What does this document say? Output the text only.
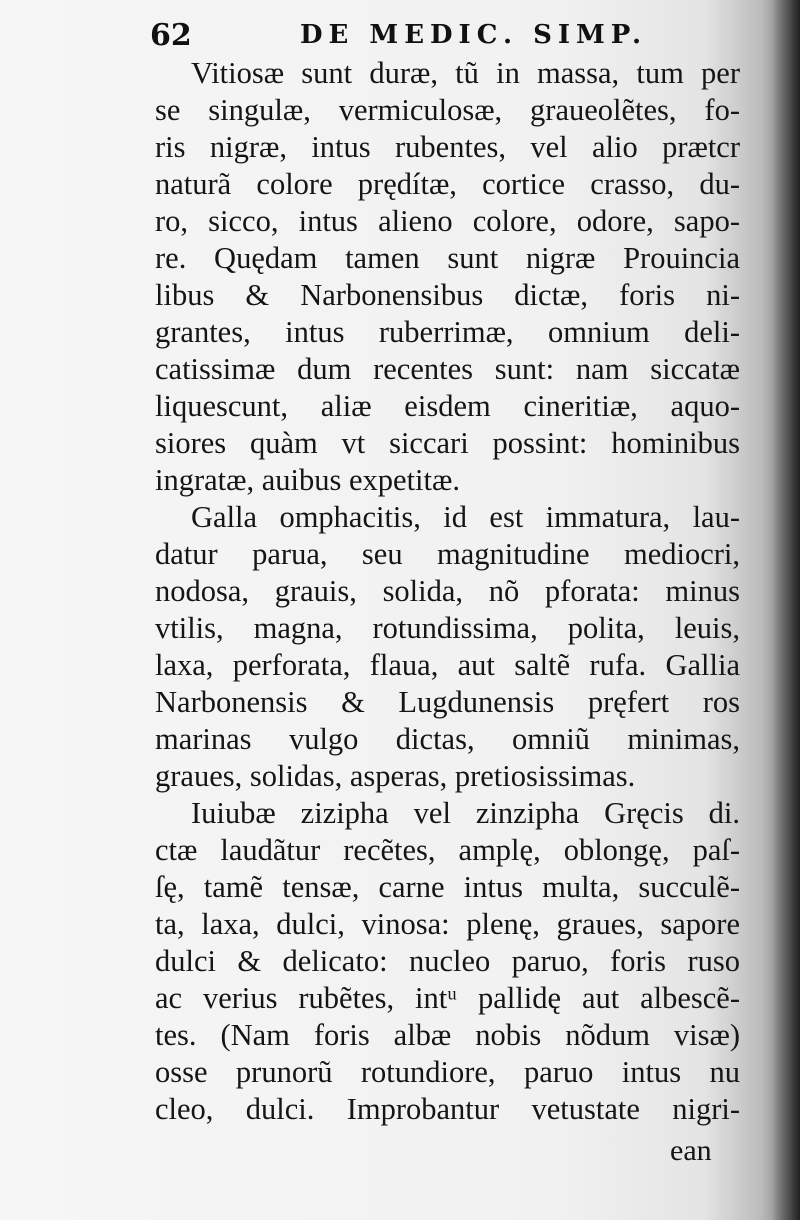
62	DE MEDIC. SIMP.
Vitiosæ sunt duræ, tũ in massa, tum per
se singulæ, vermiculosæ, graueolẽtes, fo-
ris nigræ, intus rubentes, vel alio prætcr
naturã colore prędítæ, cortice crasso, du-
ro, sicco, intus alieno colore, odore, sapo-
re. Quędam tamen sunt nigræ Prouincia
libus & Narbonensibus dictæ, foris ni-
grantes, intus ruberrimæ, omnium deli-
catissimæ dum recentes sunt: nam siccatæ
liquescunt, aliæ eisdem cineritiæ, aquo-
siores quàm vt siccari possint: hominibus
ingratæ, auibus expetitæ.
Galla omphacitis, id est immatura, lau-
datur parua, seu magnitudine mediocri,
nodosa, grauis, solida, nõ pforata: minus
vtilis, magna, rotundissima, polita, leuis,
laxa, perforata, flaua, aut saltẽ rufa. Gallia
Narbonensis & Lugdunensis pręfert ros
marinas vulgo dictas, omniũ minimas,
graues, solidas, asperas, pretiosissimas.
Iuiubæ zizipha vel zinzipha Gręcis di.
ctæ laudãtur recẽtes, amplę, oblongę, paſ-
ſę, tamẽ tensæ, carne intus multa, succulẽ-
ta, laxa, dulci, vinosa: plenę, graues, sapore
dulci & delicato: nucleo paruo, foris ruso
ac verius rubẽtes, intᵘ pallidę aut albescẽ-
tes. (Nam foris albæ nobis nõdum visæ)
osse prunorũ rotundiore, paruo intus nu
cleo, dulci. Improbantur vetustate nigri-
ean
